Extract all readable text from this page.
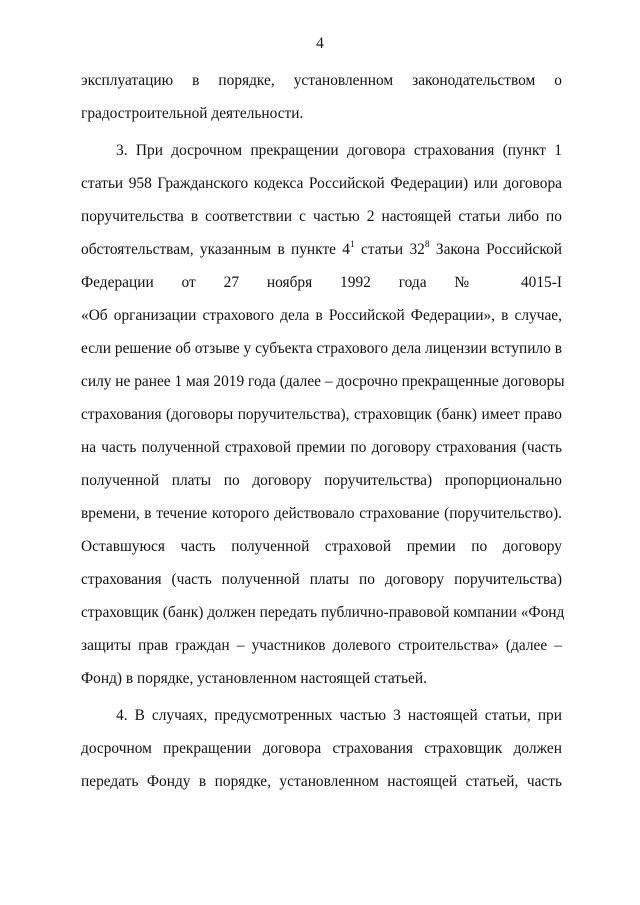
4
эксплуатацию в порядке, установленном законодательством о
градостроительной деятельности.
3. При досрочном прекращении договора страхования (пункт 1
статьи 958 Гражданского кодекса Российской Федерации) или договора
поручительства в соответствии с частью 2 настоящей статьи либо по
обстоятельствам, указанным в пункте $4^1$ статьи $32^8$ Закона Российской
Федерации от 27 ноября 1992 года № 4015-I
«Об организации страхового дела в Российской Федерации», в случае,
если решение об отзыве у субъекта страхового дела лицензии вступило в
силу не ранее 1 мая 2019 года (далее – досрочно прекращенные договоры
страхования (договоры поручительства), страховщик (банк) имеет право
на часть полученной страховой премии по договору страхования (часть
полученной платы по договору поручительства) пропорционально
времени, в течение которого действовало страхование (поручительство).
Оставшуюся часть полученной страховой премии по договору
страхования (часть полученной платы по договору поручительства)
страховщик (банк) должен передать публично-правовой компании «Фонд
защиты прав граждан – участников долевого строительства» (далее –
Фонд) в порядке, установленном настоящей статьей.
4. В случаях, предусмотренных частью 3 настоящей статьи, при
досрочном прекращении договора страхования страховщик должен
передать Фонду в порядке, установленном настоящей статьей, часть
